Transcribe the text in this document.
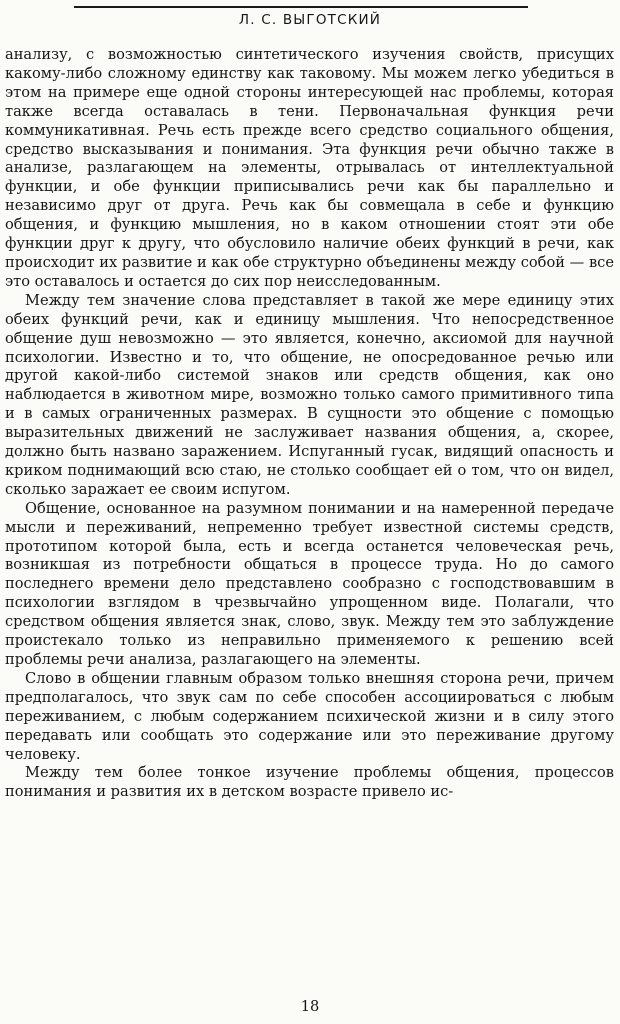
Л. С. ВЫГОТСКИЙ

анализу, с возможностью синтетического изучения свойств, присущих какому-либо сложному единству как таковому. Мы можем легко убедиться в этом на примере еще одной стороны интересующей нас проблемы, которая также всегда оставалась в тени. Первоначальная функция речи коммуникативная. Речь есть прежде всего средство социального общения, средство высказывания и понимания. Эта функция речи обычно также в анализе, разлагающем на элементы, отрывалась от интеллектуальной функции, и обе функции приписывались речи как бы параллельно и независимо друг от друга. Речь как бы совмещала в себе и функцию общения, и функцию мышления, но в каком отношении стоят эти обе функции друг к другу, что обусловило наличие обеих функций в речи, как происходит их развитие и как обе структурно объединены между собой — все это оставалось и остается до сих пор неисследованным.

Между тем значение слова представляет в такой же мере единицу этих обеих функций речи, как и единицу мышления. Что непосредственное общение душ невозможно — это является, конечно, аксиомой для научной психологии. Известно и то, что общение, не опосредованное речью или другой какой-либо системой знаков или средств общения, как оно наблюдается в животном мире, возможно только самого примитивного типа и в самых ограниченных размерах. В сущности это общение с помощью выразительных движений не заслуживает названия общения, а, скорее, должно быть названо заражением. Испуганный гусак, видящий опасность и криком поднимающий всю стаю, не столько сообщает ей о том, что он видел, сколько заражает ее своим испугом.

Общение, основанное на разумном понимании и на намеренной передаче мысли и переживаний, непременно требует известной системы средств, прототипом которой была, есть и всегда останется человеческая речь, возникшая из потребности общаться в процессе труда. Но до самого последнего времени дело представлено сообразно с господствовавшим в психологии взглядом в чрезвычайно упрощенном виде. Полагали, что средством общения является знак, слово, звук. Между тем это заблуждение проистекало только из неправильно применяемого к решению всей проблемы речи анализа, разлагающего на элементы.

Слово в общении главным образом только внешняя сторона речи, причем предполагалось, что звук сам по себе способен ассоциироваться с любым переживанием, с любым содержанием психической жизни и в силу этого передавать или сообщать это содержание или это переживание другому человеку.

Между тем более тонкое изучение проблемы общения, процессов понимания и развития их в детском возрасте привело ис-

18
